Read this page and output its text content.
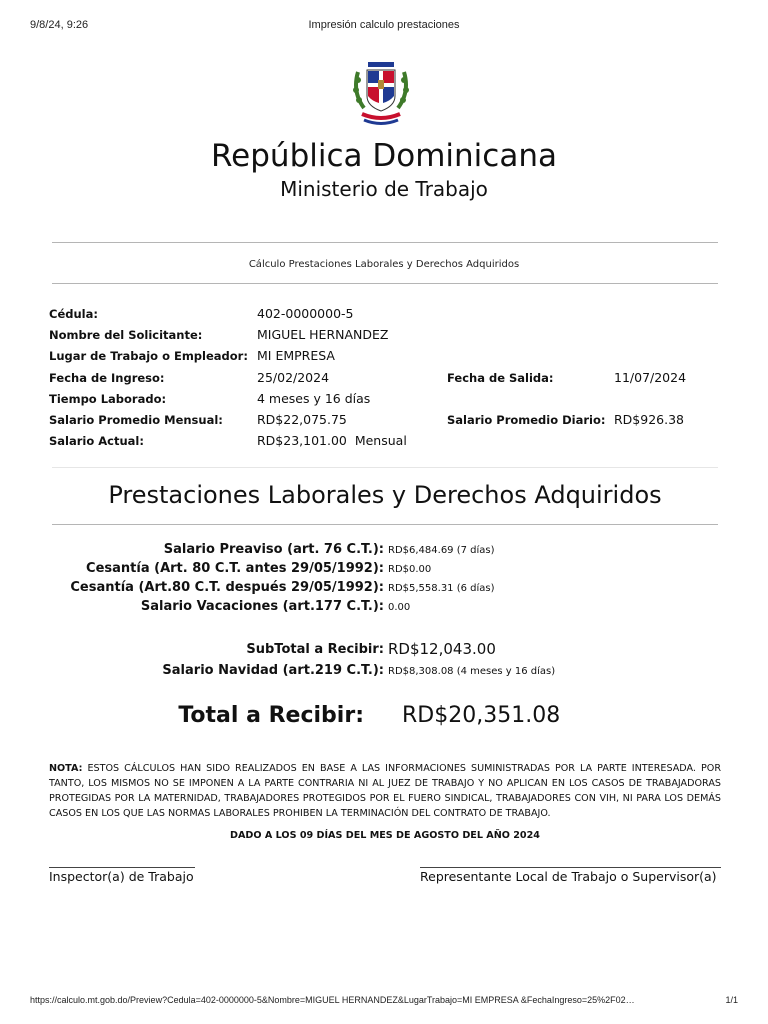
9/8/24, 9:26	Impresión calculo prestaciones
República Dominicana
Ministerio de Trabajo
Cálculo Prestaciones Laborales y Derechos Adquiridos
Cédula:	402-0000000-5
Nombre del Solicitante:	MIGUEL HERNANDEZ
Lugar de Trabajo o Empleador: MI EMPRESA
Fecha de Ingreso:	25/02/2024	Fecha de Salida:	11/07/2024
Tiempo Laborado:	4 meses y 16 días
Salario Promedio Mensual:	RD$22,075.75	Salario Promedio Diario: RD$926.38
Salario Actual:	RD$23,101.00  Mensual
Prestaciones Laborales y Derechos Adquiridos
Salario Preaviso (art. 76 C.T.): RD$6,484.69 (7 días)
Cesantía (Art. 80 C.T. antes 29/05/1992): RD$0.00
Cesantía (Art.80 C.T. después 29/05/1992): RD$5,558.31 (6 días)
Salario Vacaciones (art.177 C.T.): 0.00
SubTotal a Recibir: RD$12,043.00
Salario Navidad (art.219 C.T.): RD$8,308.08 (4 meses y 16 días)
Total a Recibir: RD$20,351.08
NOTA: ESTOS CÁLCULOS HAN SIDO REALIZADOS EN BASE A LAS INFORMACIONES SUMINISTRADAS POR LA PARTE INTERESADA. POR TANTO, LOS MISMOS NO SE IMPONEN A LA PARTE CONTRARIA NI AL JUEZ DE TRABAJO Y NO APLICAN EN LOS CASOS DE TRABAJADORAS PROTEGIDAS POR LA MATERNIDAD, TRABAJADORES PROTEGIDOS POR EL FUERO SINDICAL, TRABAJADORES CON VIH, NI PARA LOS DEMÁS CASOS EN LOS QUE LAS NORMAS LABORALES PROHIBEN LA TERMINACIÓN DEL CONTRATO DE TRABAJO.
DADO A LOS 09 DÍAS DEL MES DE AGOSTO DEL AÑO 2024
Inspector(a) de Trabajo	Representante Local de Trabajo o Supervisor(a)
https://calculo.mt.gob.do/Preview?Cedula=402-0000000-5&Nombre=MIGUEL HERNANDEZ&LugarTrabajo=MI EMPRESA &FechaIngreso=25%2F02…	1/1
